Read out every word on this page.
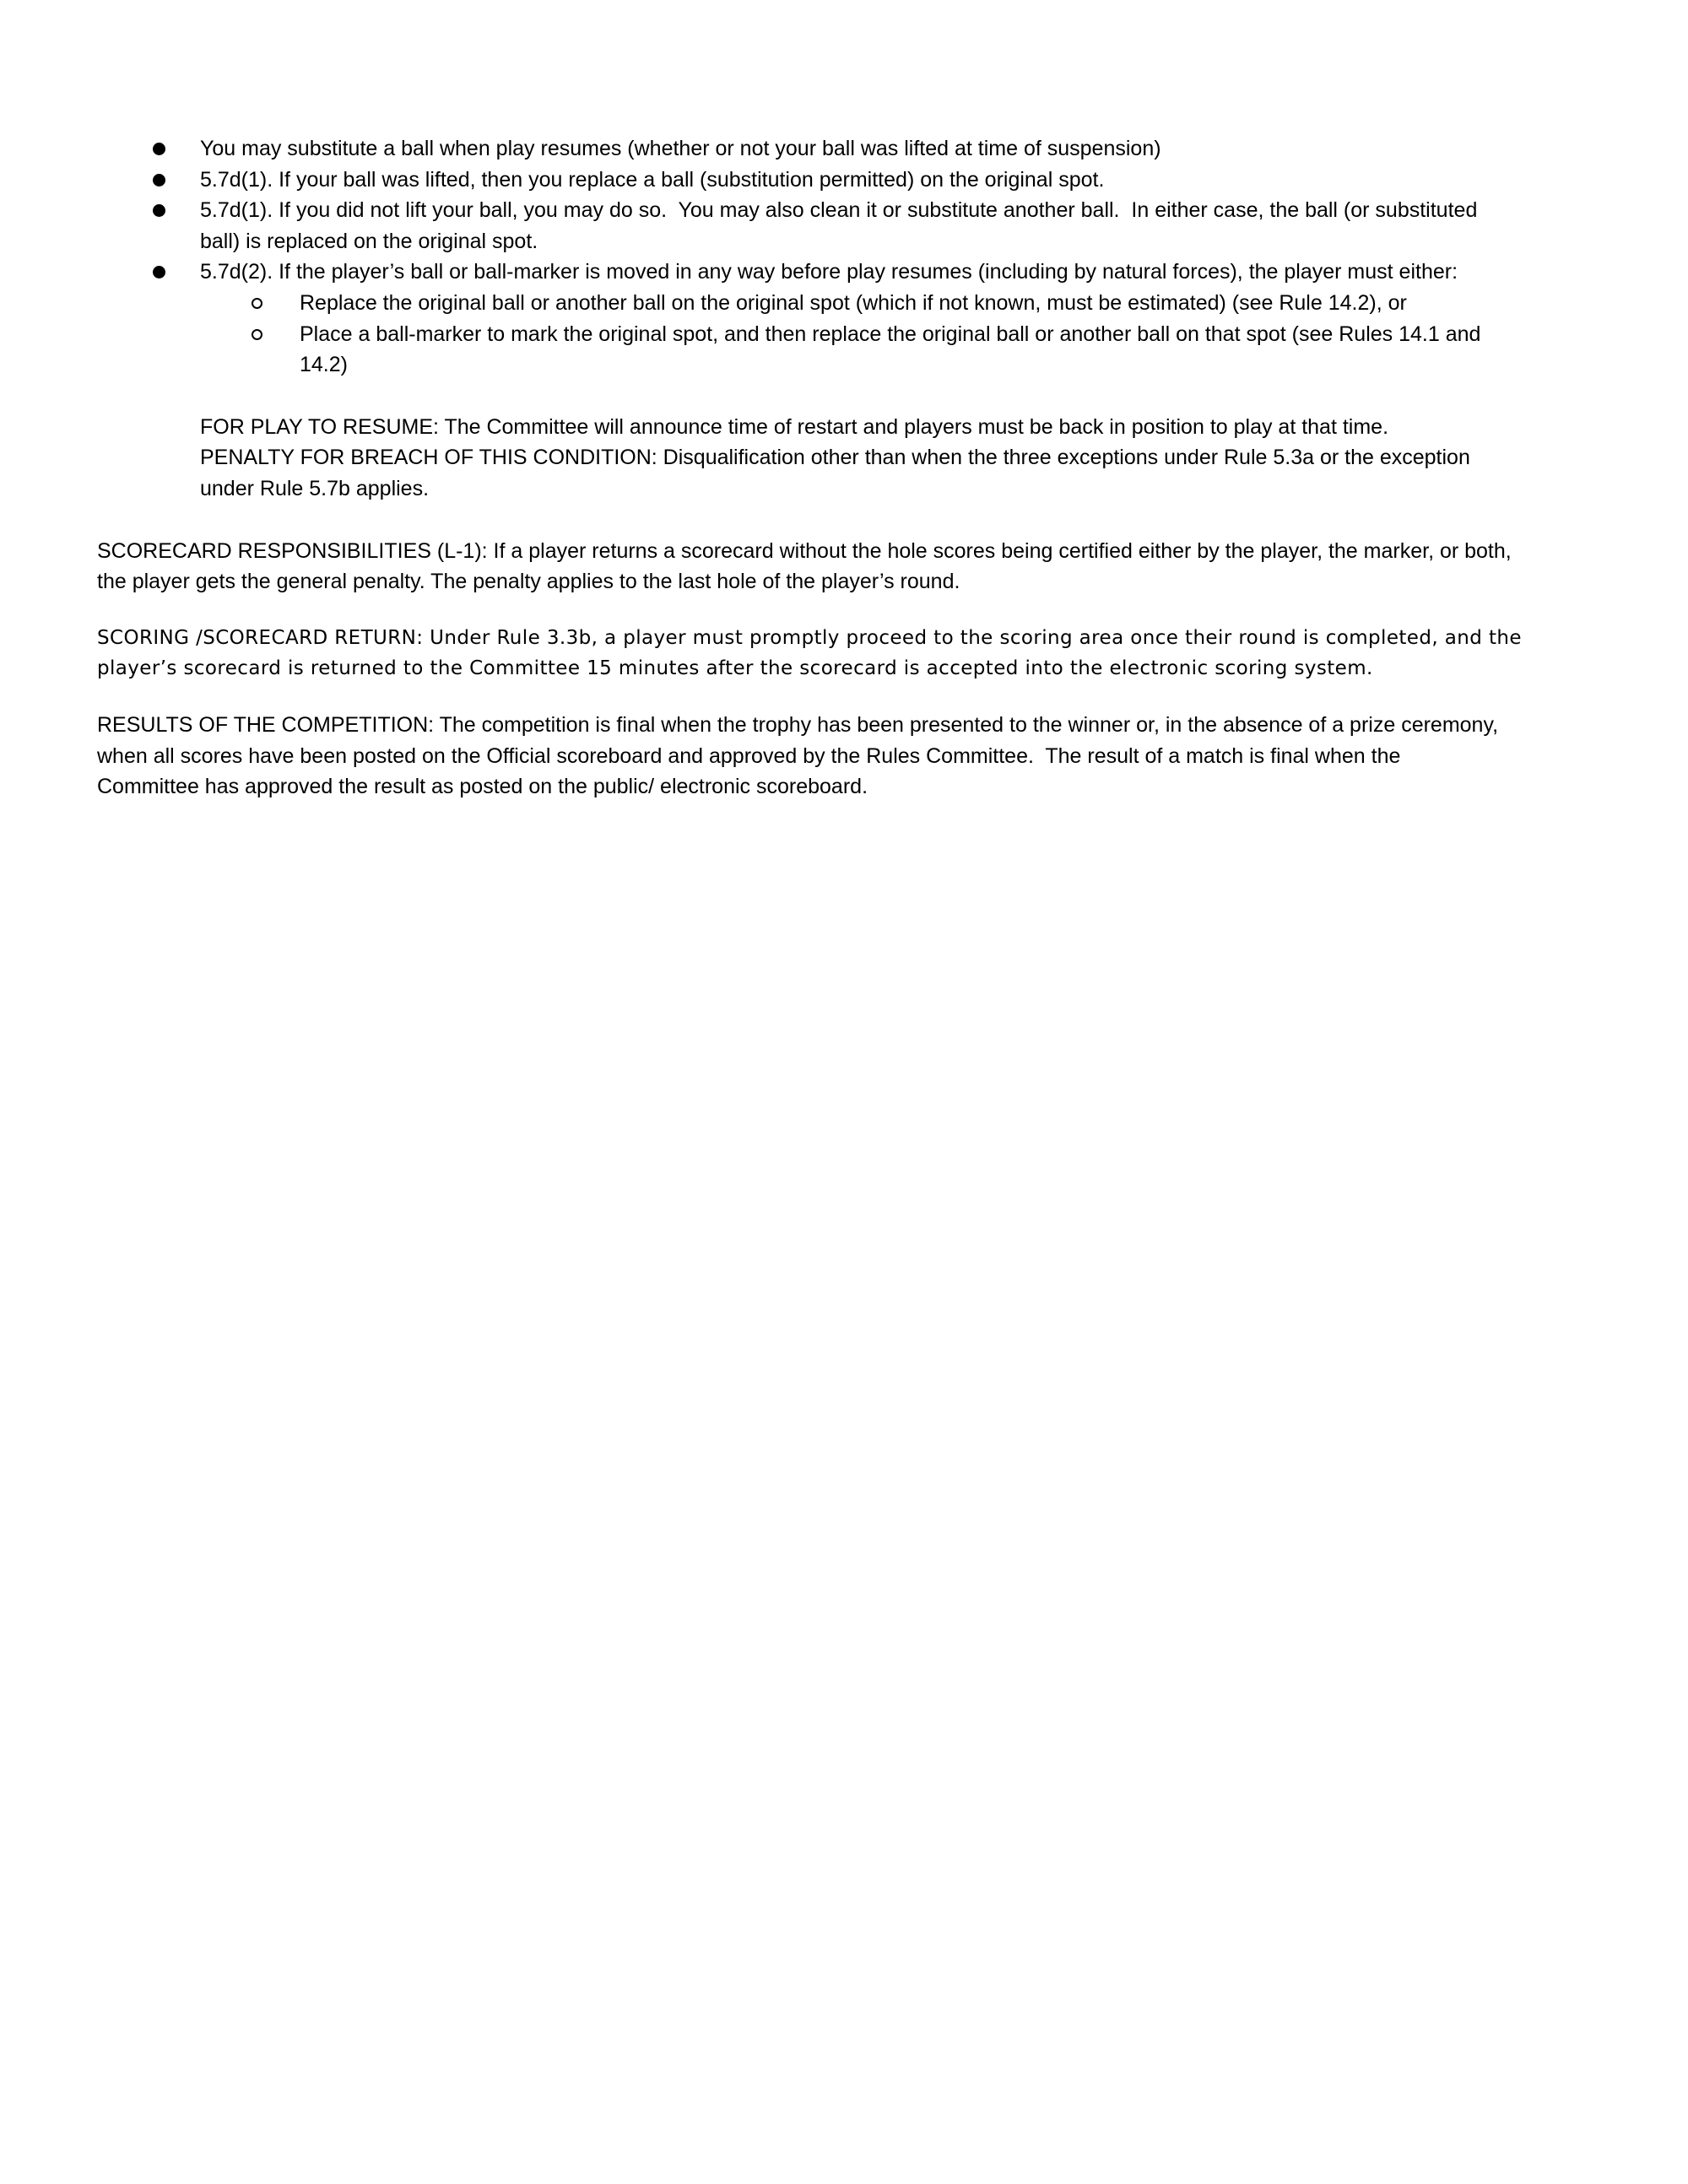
You may substitute a ball when play resumes (whether or not your ball was lifted at time of suspension)
5.7d(1). If your ball was lifted, then you replace a ball (substitution permitted) on the original spot.
5.7d(1). If you did not lift your ball, you may do so.  You may also clean it or substitute another ball.  In either case, the ball (or substituted
ball) is replaced on the original spot.
5.7d(2). If the player’s ball or ball-marker is moved in any way before play resumes (including by natural forces), the player must either:
Replace the original ball or another ball on the original spot (which if not known, must be estimated) (see Rule 14.2), or
Place a ball-marker to mark the original spot, and then replace the original ball or another ball on that spot (see Rules 14.1 and
14.2)
FOR PLAY TO RESUME: The Committee will announce time of restart and players must be back in position to play at that time.
PENALTY FOR BREACH OF THIS CONDITION: Disqualification other than when the three exceptions under Rule 5.3a or the exception
under Rule 5.7b applies.
SCORECARD RESPONSIBILITIES (L-1): If a player returns a scorecard without the hole scores being certified either by the player, the marker, or both,
the player gets the general penalty. The penalty applies to the last hole of the player’s round.
SCORING /SCORECARD RETURN: Under Rule 3.3b, a player must promptly proceed to the scoring area once their round is completed, and the
player’s scorecard is returned to the Committee 15 minutes after the scorecard is accepted into the electronic scoring system.
RESULTS OF THE COMPETITION: The competition is final when the trophy has been presented to the winner or, in the absence of a prize ceremony,
when all scores have been posted on the Official scoreboard and approved by the Rules Committee.  The result of a match is final when the
Committee has approved the result as posted on the public/ electronic scoreboard.
